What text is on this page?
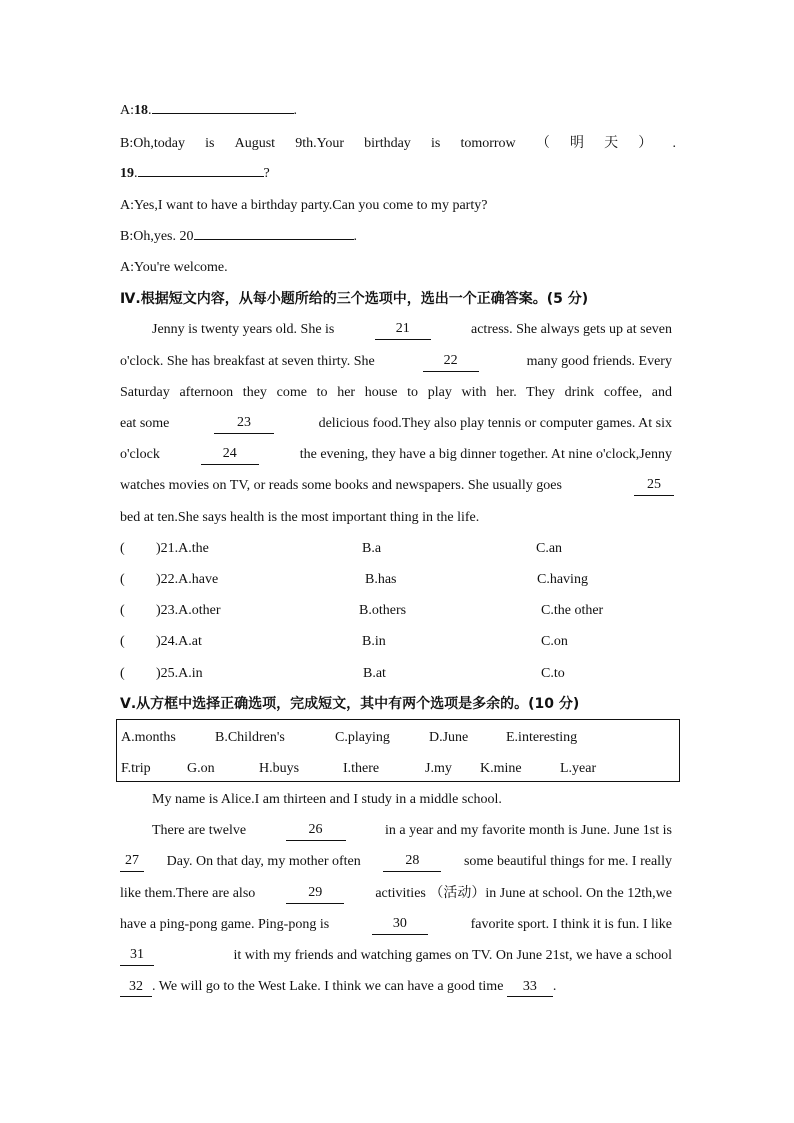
A:18.	.
B:Oh,today is August 9th.Your birthday is tomorrow （ 明 天 ） .
19.	?
A:Yes,I want to have a birthday party.Can you come to my party?
B:Oh,yes. 20	.
A:You're welcome.
Ⅳ.根据短文内容，从每小题所给的三个选项中，选出一个正确答案。(5 分)
Jenny is twenty years old. She is	21	actress. She always gets up at seven
o'clock. She has breakfast at seven thirty. She	22	many good friends. Every
Saturday afternoon they come to her house to play with her. They drink coffee, and
eat some	23	delicious food.They also play tennis or computer games. At six
o'clock	24	the evening, they have a big dinner together. At nine o'clock,Jenny
watches movies on TV, or reads some books and newspapers. She usually goes	25
bed at ten.She says health is the most important thing in the life.
( )21.A.the	B.a	C.an
( )22.A.have	B.has	C.having
( )23.A.other	B.others	C.the other
( )24.A.at	B.in	C.on
( )25.A.in	B.at	C.to
Ⅴ.从方框中选择正确选项，完成短文，其中有两个选项是多余的。(10 分)
A.months	B.Children's	C.playing	D.June	E.interesting
F.trip	G.on	H.buys	I.there	J.my K.mine	L.year
My name is Alice.I am thirteen and I study in a middle school.
There are twelve	26	in a year and my favorite month is June. June 1st is
27	Day. On that day, my mother often	28	some beautiful things for me. I really
like them.There are also	29	activities （活动）in June at school. On the 12th,we
have a ping-pong game. Ping-pong is	30	favorite sport. I think it is fun. I like
31	it with my friends and watching games on TV. On June 21st, we have a school
32 . We will go to the West Lake. I think we can have a good time 33 .
